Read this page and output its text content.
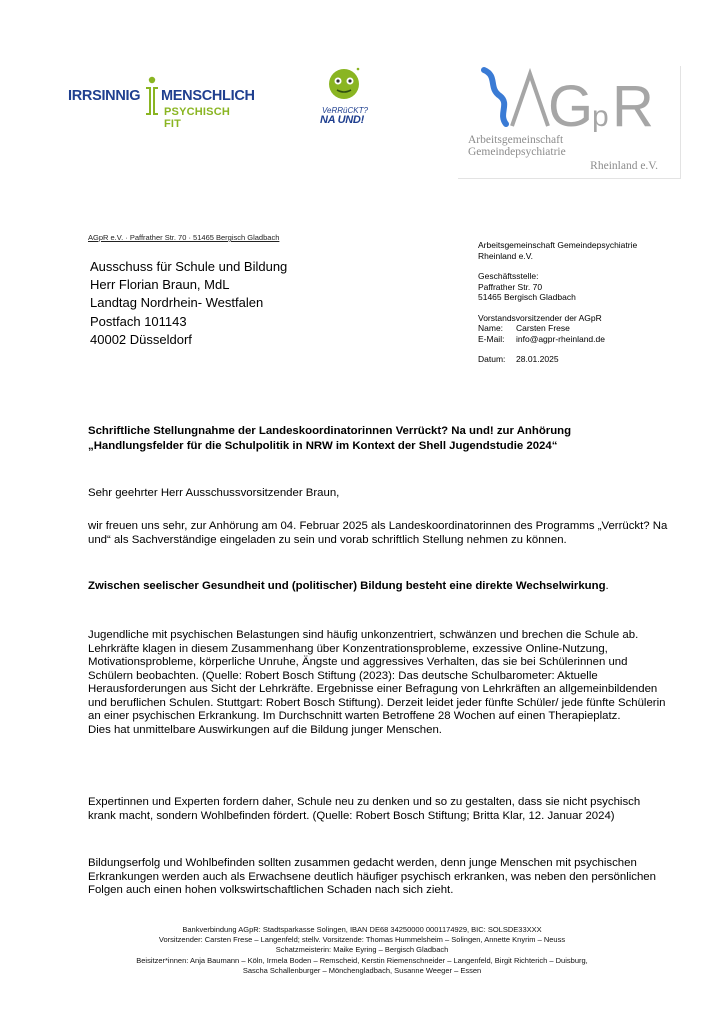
IRRSINNIG MENSCHLICH
PSYCHISCH FIT
VeRRüCKT?
NA UND!	G
p R
Arbeitsgemeinschaft
Gemeindepsychiatrie
Rheinland e.V.
AGpR e.V. · Paffrather Str. 70 · 51465 Bergisch Gladbach
Ausschuss für Schule und Bildung
Herr Florian Braun, MdL
Landtag Nordrhein- Westfalen
Postfach 101143
40002 Düsseldorf
Arbeitsgemeinschaft Gemeindepsychiatrie
Rheinland e.V.
Geschäftsstelle:
Paffrather Str. 70
51465 Bergisch Gladbach
Vorstandsvorsitzender der AGpR
Name:	Carsten Frese
E-Mail:	info@agpr-rheinland.de
Datum:	28.01.2025
Schriftliche Stellungnahme der Landeskoordinatorinnen Verrückt? Na und! zur Anhörung
„Handlungsfelder für die Schulpolitik in NRW im Kontext der Shell Jugendstudie 2024“
Sehr geehrter Herr Ausschussvorsitzender Braun,
wir freuen uns sehr, zur Anhörung am 04. Februar 2025 als Landeskoordinatorinnen des Programms „Verrückt? Na und“ als Sachverständige eingeladen zu sein und vorab schriftlich Stellung nehmen zu können.
Zwischen seelischer Gesundheit und (politischer) Bildung besteht eine direkte Wechselwirkung.
Jugendliche mit psychischen Belastungen sind häufig unkonzentriert, schwänzen und brechen die Schule ab. Lehrkräfte klagen in diesem Zusammenhang über Konzentrationsprobleme, exzessive Online-Nutzung, Motivationsprobleme, körperliche Unruhe, Ängste und aggressives Verhalten, das sie bei Schülerinnen und Schülern beobachten. (Quelle: Robert Bosch Stiftung (2023): Das deutsche Schulbarometer: Aktuelle Herausforderungen aus Sicht der Lehrkräfte. Ergebnisse einer Befragung von Lehrkräften an allgemeinbildenden und beruflichen Schulen. Stuttgart: Robert Bosch Stiftung). Derzeit leidet jeder fünfte Schüler/ jede fünfte Schülerin an einer psychischen Erkrankung. Im Durchschnitt warten Betroffene 28 Wochen auf einen Therapieplatz.
Dies hat unmittelbare Auswirkungen auf die Bildung junger Menschen.
Expertinnen und Experten fordern daher, Schule neu zu denken und so zu gestalten, dass sie nicht psychisch krank macht, sondern Wohlbefinden fördert. (Quelle: Robert Bosch Stiftung; Britta Klar, 12. Januar 2024)
Bildungserfolg und Wohlbefinden sollten zusammen gedacht werden, denn junge Menschen mit psychischen Erkrankungen werden auch als Erwachsene deutlich häufiger psychisch erkranken, was neben den persönlichen Folgen auch einen hohen volkswirtschaftlichen Schaden nach sich zieht.
Bankverbindung AGpR: Stadtsparkasse Solingen, IBAN DE68 34250000 0001174929, BIC: SOLSDE33XXX
Vorsitzender: Carsten Frese – Langenfeld; stellv. Vorsitzende: Thomas Hummelsheim – Solingen, Annette Knyrim – Neuss
Schatzmeisterin: Maike Eyring – Bergisch Gladbach
Beisitzer*innen: Anja Baumann – Köln, Irmela Boden – Remscheid, Kerstin Riemenschneider – Langenfeld, Birgit Richterich – Duisburg,
Sascha Schallenburger – Mönchengladbach, Susanne Weeger – Essen
